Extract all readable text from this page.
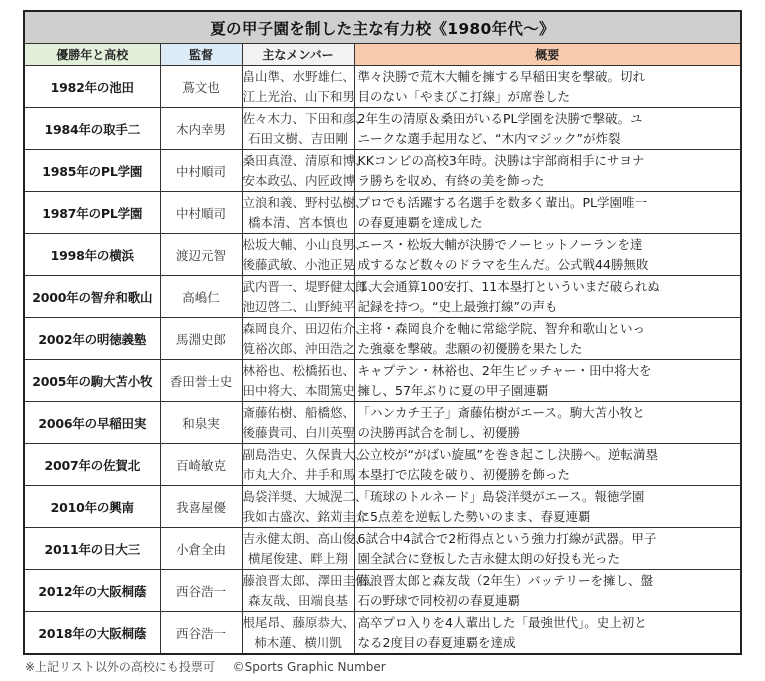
夏の甲子園を制した主な有力校《1980年代〜》			
優勝年と高校	監督	主なメンバー	概要
1982年の池田	蔦文也	畠山準、水野雄仁、
江上光治、山下和男	準々決勝で荒木大輔を擁する早稲田実を撃破。切れ
目のない「やまびこ打線」が席巻した

1984年の取手二	木内幸男	佐々木力、下田和彦、
石田文樹、吉田剛	2年生の清原＆桑田がいるPL学園を決勝で撃破。ユ
ニークな選手起用など、“木内マジック”が炸裂

1985年のPL学園	中村順司	桑田真澄、清原和博、
安本政弘、内匠政博	KKコンビの高校3年時。決勝は宇部商相手にサヨナ
ラ勝ちを収め、有終の美を飾った

1987年のPL学園	中村順司	立浪和義、野村弘樹、
橋本清、宮本慎也	プロでも活躍する名選手を数多く輩出。PL学園唯一
の春夏連覇を達成した

1998年の横浜	渡辺元智	松坂大輔、小山良男、
後藤武敏、小池正晃	エース・松坂大輔が決勝でノーヒットノーランを達
成するなど数々のドラマを生んだ。公式戦44勝無敗

2000年の智弁和歌山	高嶋仁	武内晋一、堤野健太郎、
池辺啓二、山野純平	１大会通算100安打、11本塁打といういまだ破られぬ
記録を持つ。“史上最強打線”の声も

2002年の明徳義塾	馬淵史郎	森岡良介、田辺佑介、
筧裕次郎、沖田浩之	主将・森岡良介を軸に常総学院、智弁和歌山といっ
た強豪を撃破。悲願の初優勝を果たした

2005年の駒大苫小牧	香田誉士史	林裕也、松橋拓也、
田中将大、本間篤史	キャプテン・林裕也、2年生ピッチャー・田中将大を
擁し、57年ぶりに夏の甲子園連覇

2006年の早稲田実	和泉実	斎藤佑樹、船橋悠、
後藤貴司、白川英聖	「ハンカチ王子」斎藤佑樹がエース。駒大苫小牧と
の決勝再試合を制し、初優勝

2007年の佐賀北	百崎敏克	副島浩史、久保貴大、
市丸大介、井手和馬	公立校が“がばい旋風”を巻き起こし決勝へ。逆転満塁
本塁打で広陵を破り、初優勝を飾った

2010年の興南	我喜屋優	島袋洋奨、大城滉二、
我如古盛次、銘苅圭介	「琉球のトルネード」島袋洋奨がエース。報徳学園
に5点差を逆転した勢いのまま、春夏連覇

2011年の日大三	小倉全由	吉永健太朗、高山俊、
横尾俊建、畔上翔	6試合中4試合で2桁得点という強力打線が武器。甲子
園全試合に登板した吉永健太朗の好投も光った

2012年の大阪桐蔭	西谷浩一	藤浪晋太郎、澤田圭佑、
森友哉、田端良基	藤浪晋太郎と森友哉（2年生）バッテリーを擁し、盤
石の野球で同校初の春夏連覇

2018年の大阪桐蔭	西谷浩一	根尾昂、藤原恭大、
柿木蓮、横川凱	高卒プロ入りを4人輩出した「最強世代」。史上初と
なる2度目の春夏連覇を達成
※上記リスト以外の高校にも投票可 ©Sports Graphic Number
